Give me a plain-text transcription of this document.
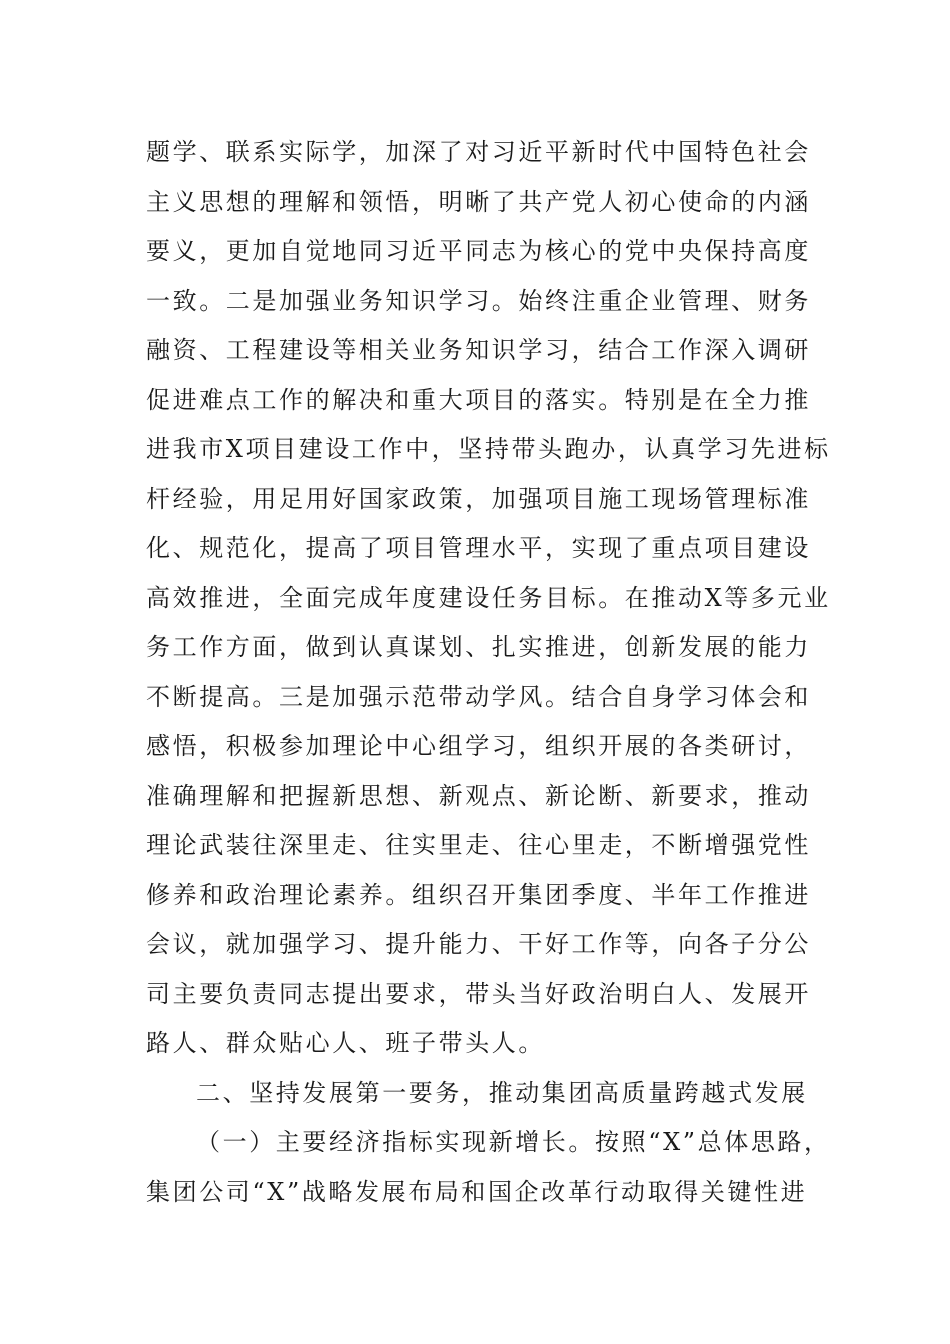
题学、联系实际学，加深了对习近平新时代中国特色社会
主义思想的理解和领悟，明晰了共产党人初心使命的内涵
要义，更加自觉地同习近平同志为核心的党中央保持高度
一致。二是加强业务知识学习。始终注重企业管理、财务
融资、工程建设等相关业务知识学习，结合工作深入调研
促进难点工作的解决和重大项目的落实。特别是在全力推
进我市X项目建设工作中，坚持带头跑办，认真学习先进标
杆经验，用足用好国家政策，加强项目施工现场管理标准
化、规范化，提高了项目管理水平，实现了重点项目建设
高效推进，全面完成年度建设任务目标。在推动X等多元业
务工作方面，做到认真谋划、扎实推进，创新发展的能力
不断提高。三是加强示范带动学风。结合自身学习体会和
感悟，积极参加理论中心组学习，组织开展的各类研讨，
准确理解和把握新思想、新观点、新论断、新要求，推动
理论武装往深里走、往实里走、往心里走，不断增强党性
修养和政治理论素养。组织召开集团季度、半年工作推进
会议，就加强学习、提升能力、干好工作等，向各子分公
司主要负责同志提出要求，带头当好政治明白人、发展开
路人、群众贴心人、班子带头人。
二、坚持发展第一要务，推动集团高质量跨越式发展
（一）主要经济指标实现新增长。按照“X”总体思路，
集团公司“X”战略发展布局和国企改革行动取得关键性进
